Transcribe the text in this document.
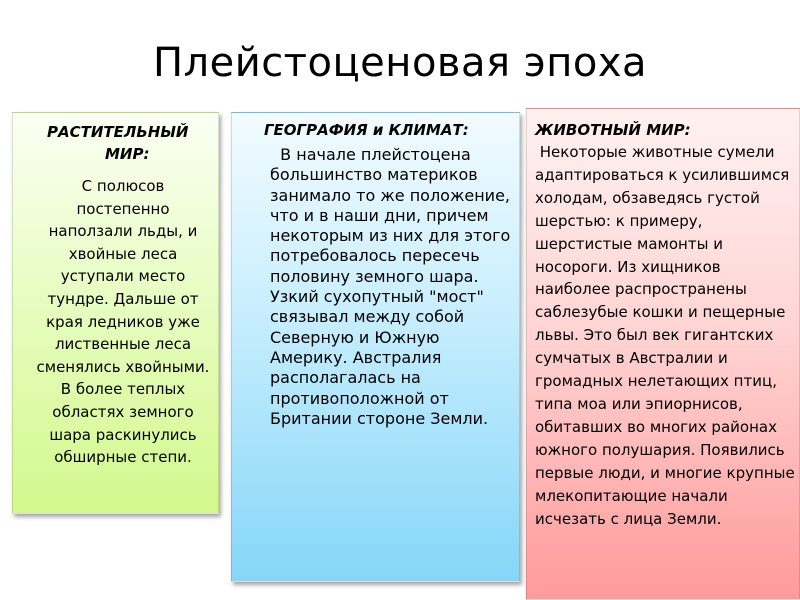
Плейстоценовая эпоха
РАСТИТЕЛЬНЫЙ
МИР:
С полюсов постепенно наползали льды, и хвойные леса уступали место тундре. Дальше от края ледников уже лиственные леса сменялись хвойными. В более теплых областях земного шара раскинулись обширные степи.
ГЕОГРАФИЯ и КЛИМАТ:
В начале плейстоцена большинство материков занимало то же положение, что и в наши дни, причем некоторым из них для этого потребовалось пересечь половину земного шара. Узкий сухопутный "мост" связывал между собой Северную и Южную Америку. Австралия располагалась на противоположной от Британии стороне Земли.
ЖИВОТНЫЙ МИР:
Некоторые животные сумели адаптироваться к усилившимся холодам, обзаведясь густой шерстью: к примеру, шерстистые мамонты и носороги. Из хищников наиболее распространены саблезубые кошки и пещерные львы. Это был век гигантских сумчатых в Австралии и громадных нелетающих птиц, типа моа или эпиорнисов, обитавших во многих районах южного полушария. Появились первые люди, и многие крупные млекопитающие начали исчезать с лица Земли.
